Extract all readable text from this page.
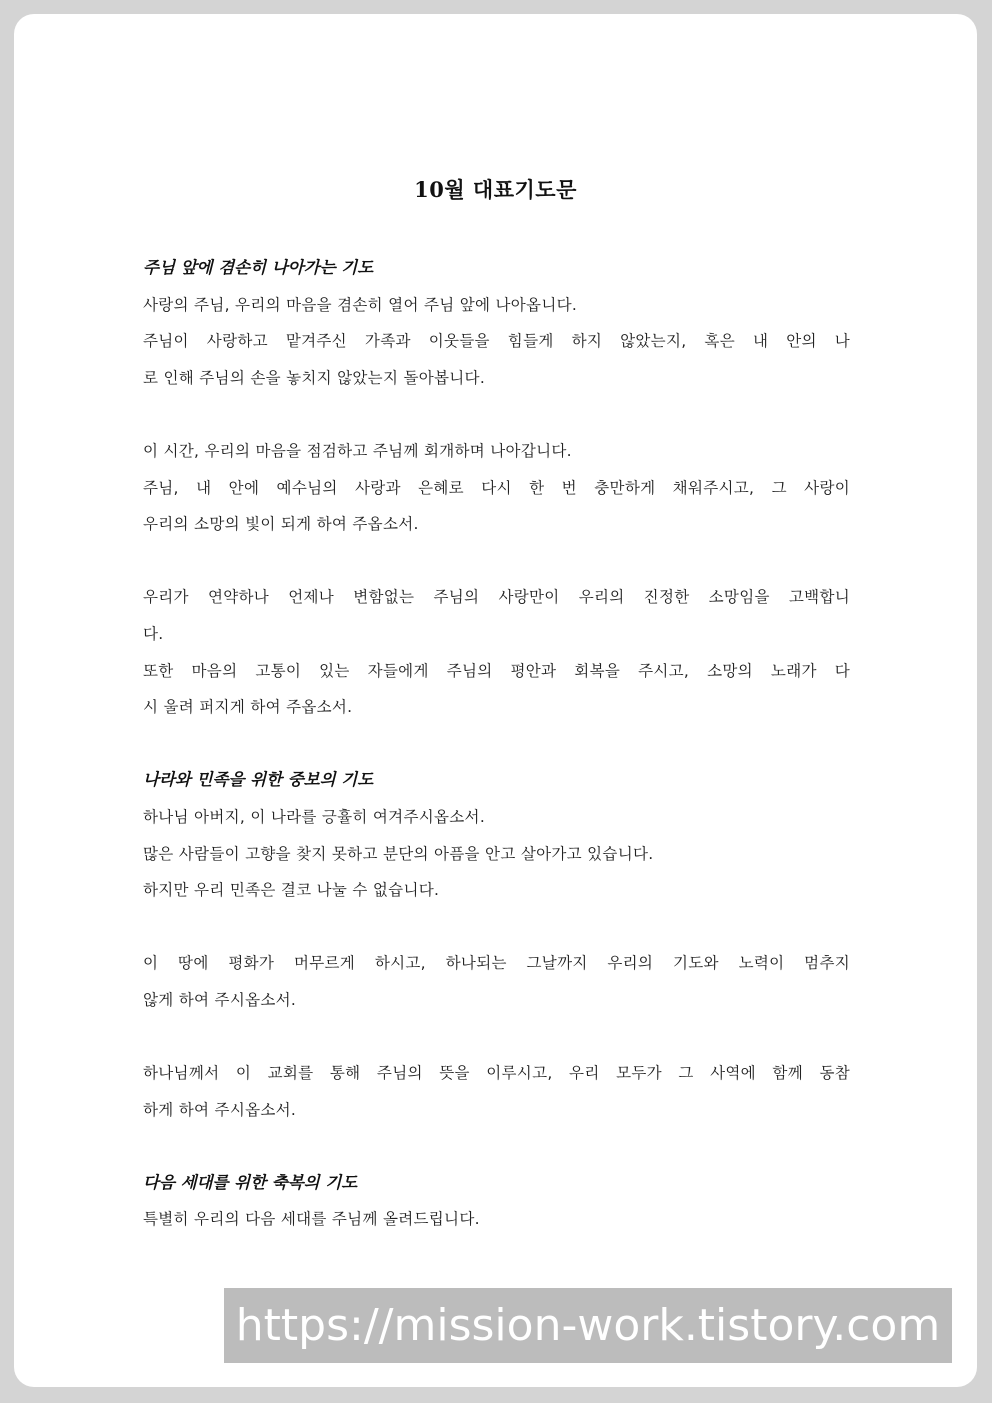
10월 대표기도문

주님 앞에 겸손히 나아가는 기도

사랑의 주님, 우리의 마음을 겸손히 열어 주님 앞에 나아옵니다.

주님이 사랑하고 맡겨주신 가족과 이웃들을 힘들게 하지 않았는지, 혹은 내 안의 나

로 인해 주님의 손을 놓치지 않았는지 돌아봅니다.

이 시간, 우리의 마음을 점검하고 주님께 회개하며 나아갑니다.

주님, 내 안에 예수님의 사랑과 은혜로 다시 한 번 충만하게 채워주시고, 그 사랑이

우리의 소망의 빛이 되게 하여 주옵소서.

우리가 연약하나 언제나 변함없는 주님의 사랑만이 우리의 진정한 소망임을 고백합니

다.

또한 마음의 고통이 있는 자들에게 주님의 평안과 회복을 주시고, 소망의 노래가 다

시 울려 퍼지게 하여 주옵소서.

나라와 민족을 위한 중보의 기도

하나님 아버지, 이 나라를 긍휼히 여겨주시옵소서.

많은 사람들이 고향을 찾지 못하고 분단의 아픔을 안고 살아가고 있습니다.

하지만 우리 민족은 결코 나눌 수 없습니다.

이 땅에 평화가 머무르게 하시고, 하나되는 그날까지 우리의 기도와 노력이 멈추지

않게 하여 주시옵소서.

하나님께서 이 교회를 통해 주님의 뜻을 이루시고, 우리 모두가 그 사역에 함께 동참

하게 하여 주시옵소서.

다음 세대를 위한 축복의 기도

특별히 우리의 다음 세대를 주님께 올려드립니다.

https://mission-work.tistory.com
